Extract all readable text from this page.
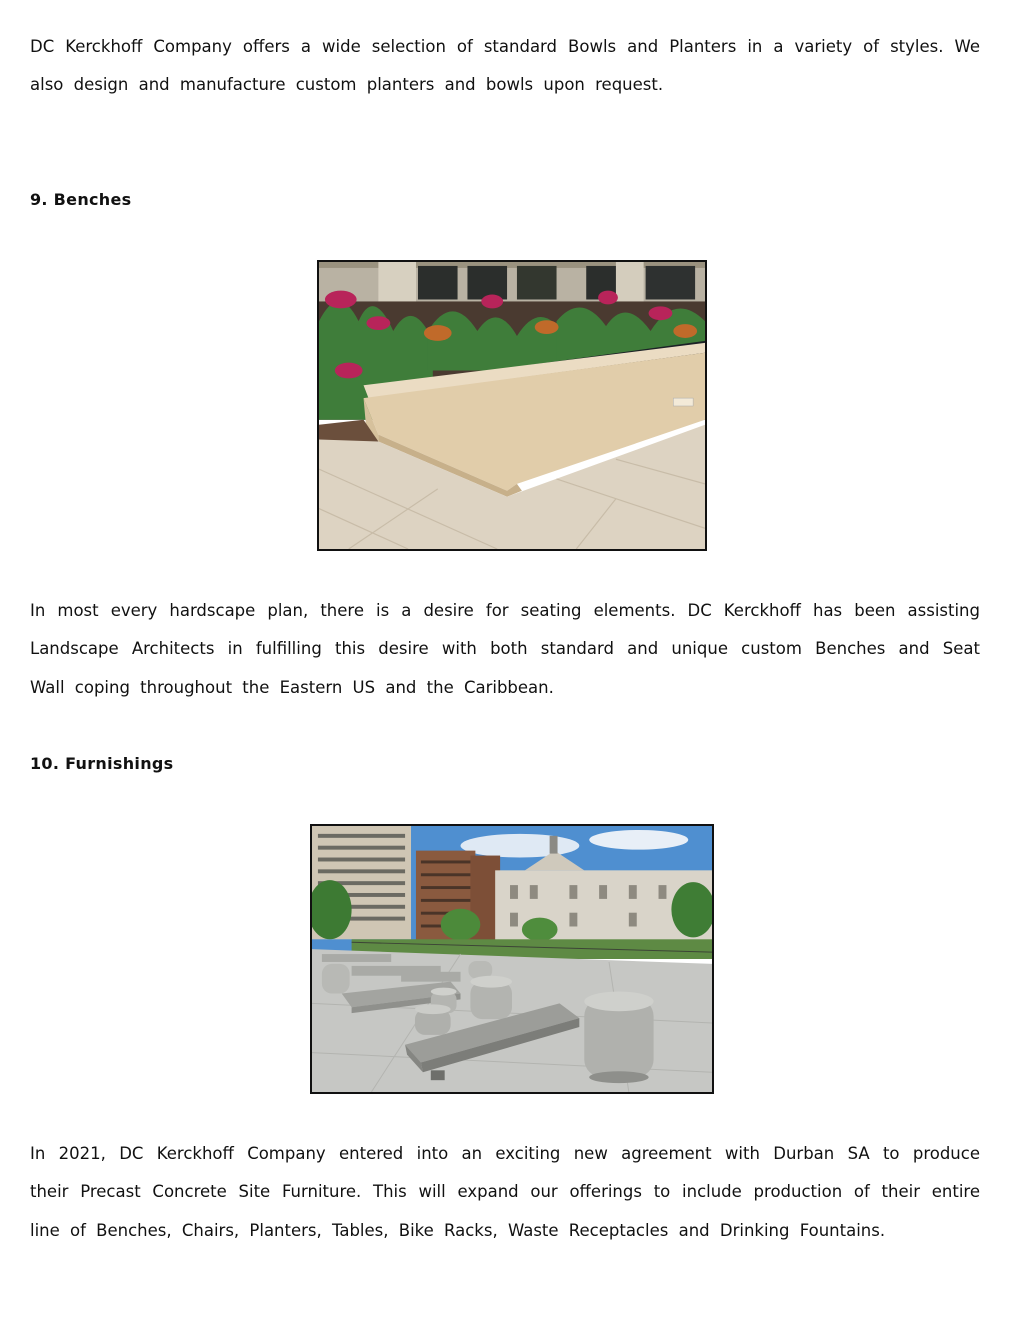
DC Kerckhoff Company offers a wide selection of standard Bowls and Planters in a variety of styles. We also design and manufacture custom planters and bowls upon request.

9. Benches

In most every hardscape plan, there is a desire for seating elements. DC Kerckhoff has been assisting Landscape Architects in fulfilling this desire with both standard and unique custom Benches and Seat Wall coping throughout the Eastern US and the Caribbean.

10. Furnishings

In 2021, DC Kerckhoff Company entered into an exciting new agreement with Durban SA to produce their Precast Concrete Site Furniture. This will expand our offerings to include production of their entire line of Benches, Chairs, Planters, Tables, Bike Racks, Waste Receptacles and Drinking Fountains.
